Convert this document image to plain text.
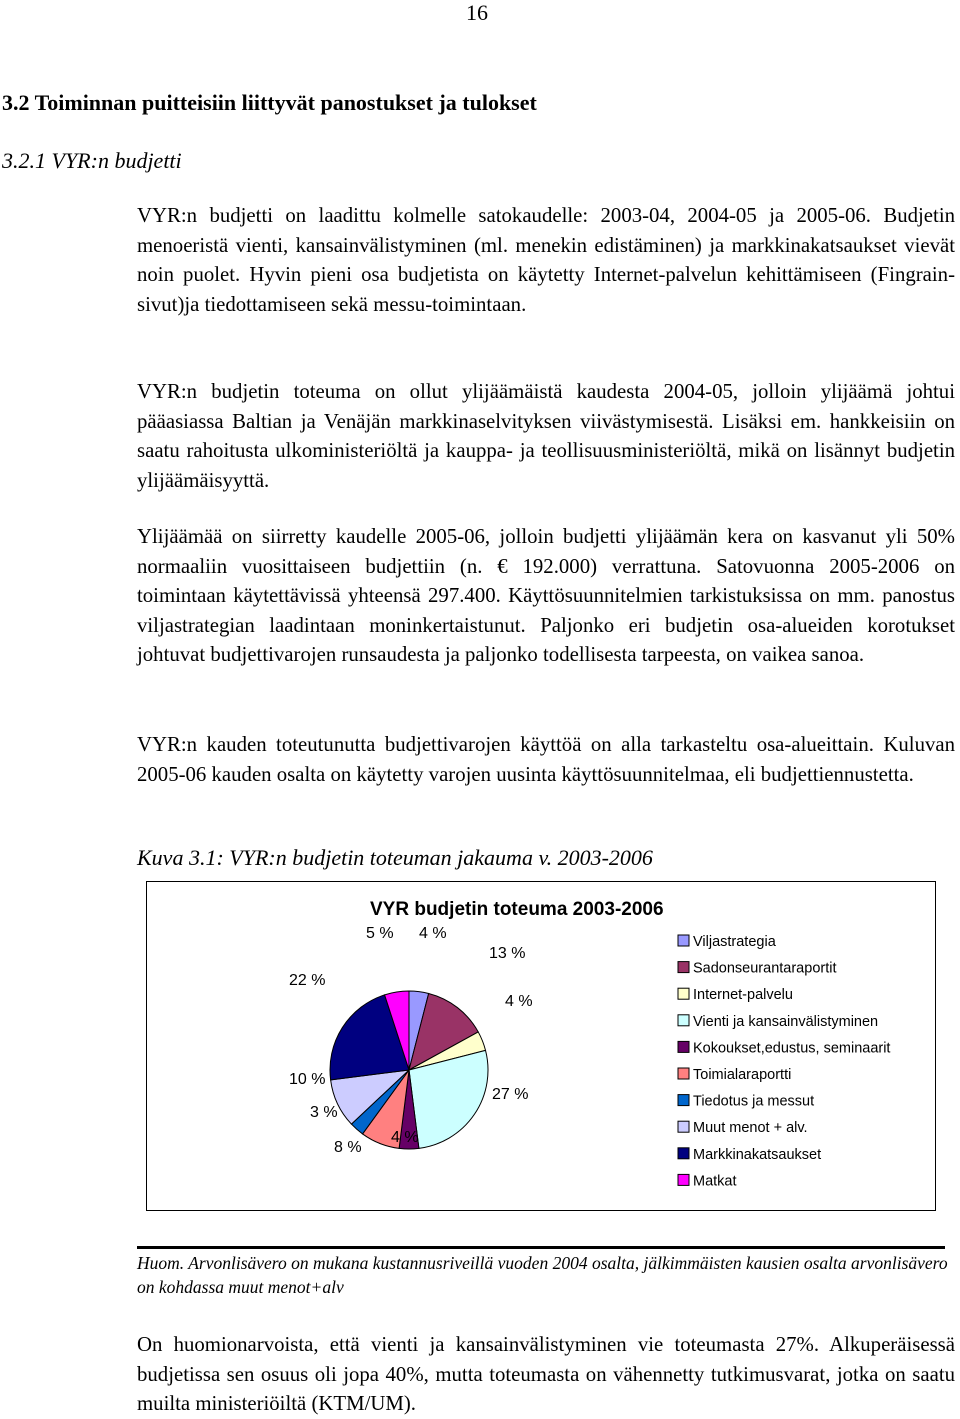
16
3.2 Toiminnan puitteisiin liittyvät panostukset ja tulokset
3.2.1 VYR:n budjetti

VYR:n budjetti on laadittu kolmelle satokaudelle: 2003-04, 2004-05 ja 2005-06. Budjetin menoeristä vienti, kansainvälistyminen (ml. menekin edistäminen) ja markkinakatsaukset vievät noin puolet. Hyvin pieni osa budjetista on käytetty Internet-palvelun kehittämiseen (Fingrain-sivut)ja tiedottamiseen sekä messu-toimintaan.

VYR:n budjetin toteuma on ollut ylijäämäistä kaudesta 2004-05, jolloin ylijäämä johtui pääasiassa Baltian ja Venäjän markkinaselvityksen viivästymisestä. Lisäksi em. hankkeisiin on saatu rahoitusta ulkoministeriöltä ja kauppa- ja teollisuusministeriöltä, mikä on lisännyt budjetin ylijäämäisyyttä.

Ylijäämää on siirretty kaudelle 2005-06, jolloin budjetti ylijäämän kera on kasvanut yli 50% normaaliin vuosittaiseen budjettiin (n. € 192.000) verrattuna. Satovuonna 2005-2006 on toimintaan käytettävissä yhteensä 297.400. Käyttösuunnitelmien tarkistuksissa on mm. panostus viljastrategian laadintaan moninkertaistunut. Paljonko eri budjetin osa-alueiden korotukset johtuvat budjettivarojen runsaudesta ja paljonko todellisesta tarpeesta, on vaikea sanoa.

VYR:n kauden toteutunutta budjettivarojen käyttöä on alla tarkasteltu osa-alueittain. Kuluvan 2005-06 kauden osalta on käytetty varojen uusinta käyttösuunnitelmaa, eli budjettiennustetta.

Kuva 3.1: VYR:n budjetin toteuman jakauma v. 2003-2006
VYR budjetin toteuma 2003-2006
4 %
13 %
4 %
27 %
4 %
8 %
3 %
10 %
22 %
5 %	Viljastrategia
Sadonseurantaraportit
Internet-palvelu
Vienti ja kansainvälistyminen
Kokoukset,edustus, seminaarit
Toimialaraportti
Tiedotus ja messut
Muut menot + alv.
Markkinakatsaukset
Matkat
Huom. Arvonlisävero on mukana kustannusriveillä vuoden 2004 osalta, jälkimmäisten kausien osalta arvonlisävero on kohdassa muut menot+alv

On huomionarvoista, että vienti ja kansainvälistyminen vie toteumasta 27%. Alkuperäisessä budjetissa sen osuus oli jopa 40%, mutta toteumasta on vähennetty tutkimusvarat, jotka on saatu muilta ministeriöiltä (KTM/UM).
